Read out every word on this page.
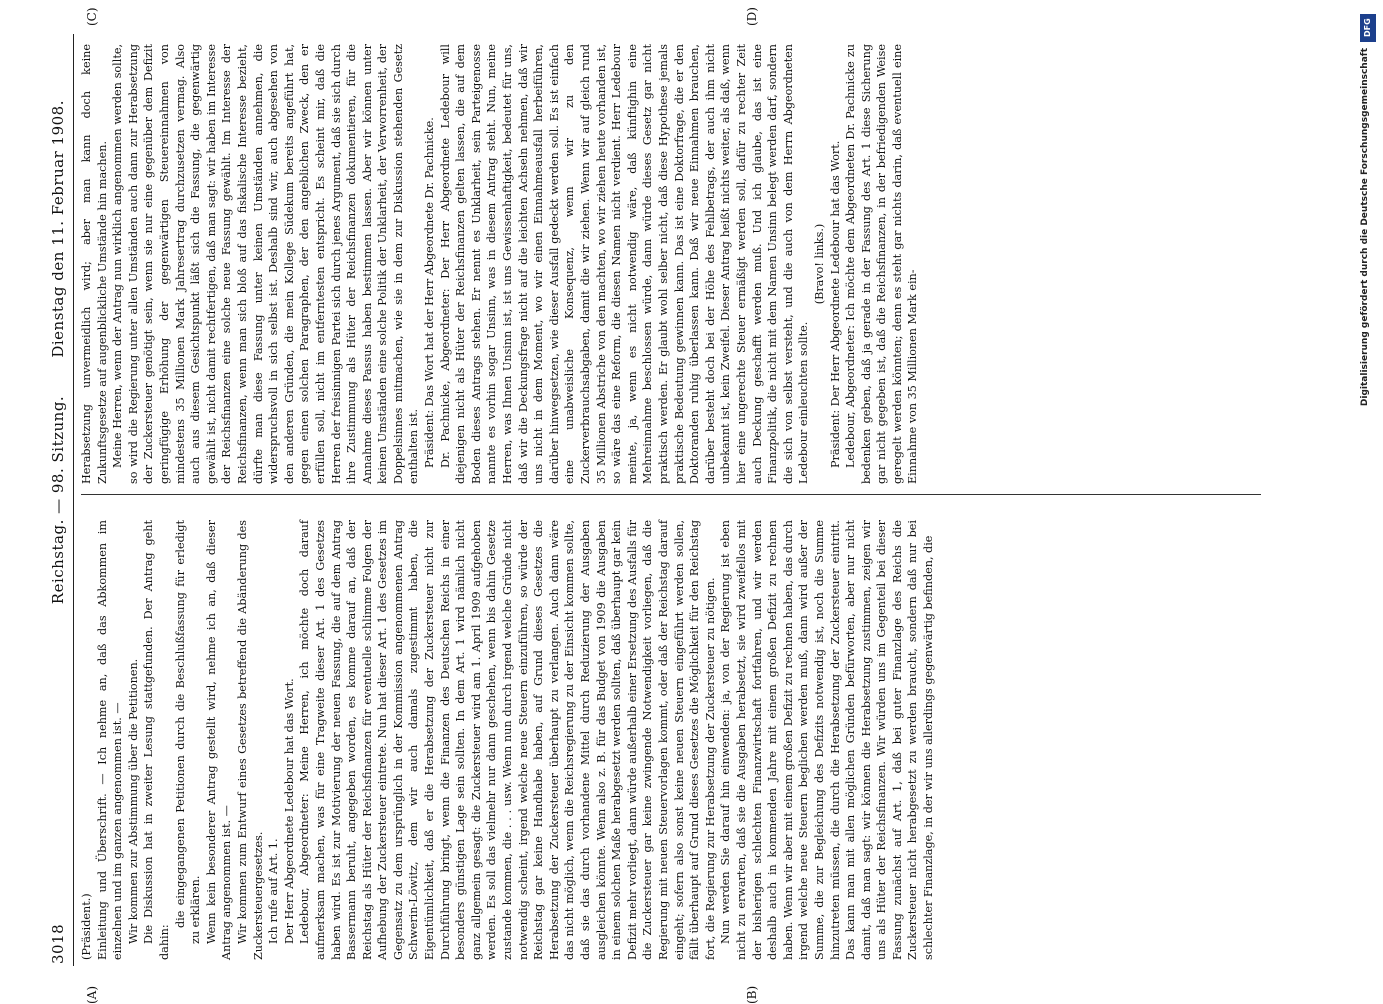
3018
Reichstag. — 98. Sitzung.
Dienstag den 11. Februar 1908.
(A)	(B)
(C)	(D)

(Präsident.) Einleitung und Überschrift. — Ich nehme an, daß das Abkommen im einzelnen und im ganzen angenommen ist. — Wir kommen zur Abstimmung über die Petitionen. Die Diskussion hat in zweiter Lesung stattgefunden. Der Antrag geht dahin:

die eingegangenen Petitionen durch die Beschlußfassung für erledigt zu erklären. Wenn kein besonderer Antrag gestellt wird, nehme ich an, daß dieser Antrag angenommen ist. — Wir kommen zum Entwurf eines Gesetzes betreffend die Abänderung des Zuckersteuergesetzes. Ich rufe auf Art. 1. Der Herr Abgeordnete Ledebour hat das Wort. Ledebour, Abgeordneter: Meine Herren, ich möchte doch darauf aufmerksam machen, was für eine Tragweite dieser Art. 1 des Gesetzes haben wird. Es ist zur Motivierung der neuen Fassung, die auf dem Antrag Bassermann beruht, angegeben worden, es komme darauf an, daß der Reichstag als Hüter der Reichsfinanzen für eventuelle schlimme Folgen der Aufhebung der Zuckersteuer eintrete. Nun hat dieser Art. 1 des Gesetzes im Gegensatz zu dem ursprünglich in der Kommission angenommenen Antrag Schwerin-Löwitz, dem wir auch damals zugestimmt haben, die Eigentümlichkeit, daß er die Herabsetzung der Zuckersteuer nicht zur Durchführung bringt, wenn die Finanzen des Deutschen Reichs in einer besonders günstigen Lage sein sollten. In dem Art. 1 wird nämlich nicht ganz allgemein gesagt: die Zuckersteuer wird am 1. April 1909 aufgehoben werden. Es soll das vielmehr nur dann geschehen, wenn bis dahin Gesetze zustande kommen, die . . . usw. Wenn nun durch irgend welche Gründe nicht notwendig scheint, irgend welche neue Steuern einzuführen, so würde der Reichstag gar keine Handhabe haben, auf Grund dieses Gesetzes die Herabsetzung der Zuckersteuer überhaupt zu verlangen. Auch dann wäre das nicht möglich, wenn die Reichsregierung zu der Einsicht kommen sollte, daß sie das durch vorhandene Mittel durch Reduzierung der Ausgaben ausgleichen könnte. Wenn also z. B. für das Budget von 1909 die Ausgaben in einem solchen Maße herabgesetzt werden sollten, daß überhaupt gar kein Defizit mehr vorliegt, dann würde außerhalb einer Ersetzung des Ausfalls für die Zuckersteuer gar keine zwingende Notwendigkeit vorliegen, daß die Regierung mit neuen Steuervorlagen kommt, oder daß der Reichstag darauf eingeht; sofern also sonst keine neuen Steuern eingeführt werden sollen, fällt überhaupt auf Grund dieses Gesetzes die Möglichkeit für den Reichstag fort, die Regierung zur Herabsetzung der Zuckersteuer zu nötigen. Nun werden Sie darauf hin einwenden: ja, von der Regierung ist eben nicht zu erwarten, daß sie die Ausgaben herabsetzt, sie wird zweifellos mit der bisherigen schlechten Finanzwirtschaft fortfahren, und wir werden deshalb auch in kommenden Jahre mit einem großen Defizit zu rechnen haben. Wenn wir aber mit einem großen Defizit zu rechnen haben, das durch irgend welche neue Steuern beglichen werden muß, dann wird außer der Summe, die zur Begleichung des Defizits notwendig ist, noch die Summe hinzutreten müssen, die durch die Herabsetzung der Zuckersteuer eintritt. Das kann man mit allen möglichen Gründen befürworten, aber nur nicht damit, daß man sagt: wir können die Herabsetzung zustimmen, zeigen wir uns als Hüter der Reichsfinanzen. Wir würden uns im Gegenteil bei dieser Fassung zunächst auf Art. 1, daß bei guter Finanzlage des Reichs die Zuckersteuer nicht herabgesetzt zu werden braucht, sondern daß nur bei schlechter Finanzlage, in der wir uns allerdings gegenwärtig befinden, die

Herabsetzung unvermeidlich wird; aber man kann doch keine Zukunftsgesetze auf augenblickliche Umstände hin machen. Meine Herren, wenn der Antrag nun wirklich angenommen werden sollte, so wird die Regierung unter allen Umständen auch dann zur Herabsetzung der Zuckersteuer genötigt sein, wenn sie nur eine gegenüber dem Defizit geringfügige Erhöhung der gegenwärtigen Steuereinnahmen von mindestens 35 Millionen Mark Jahresertrag durchzusetzen vermag. Also auch aus diesem Gesichtspunkt läßt sich die Fassung, die gegenwärtig gewählt ist, nicht damit rechtfertigen, daß man sagt: wir haben im Interesse der Reichsfinanzen eine solche neue Fassung gewählt. Im Interesse der Reichsfinanzen, wenn man sich bloß auf das fiskalische Interesse bezieht, dürfte man diese Fassung unter keinen Umständen annehmen, die widerspruchsvoll in sich selbst ist. Deshalb sind wir, auch abgesehen von den anderen Gründen, die mein Kollege Südekum bereits angeführt hat, gegen einen solchen Paragraphen, der den angeblichen Zweck, den er erfüllen soll, nicht im entferntesten entspricht. Es scheint mir, daß die Herren der freisinnigen Partei sich durch jenes Argument, daß sie sich durch ihre Zustimmung als Hüter der Reichsfinanzen dokumentieren, für die Annahme dieses Passus haben bestimmen lassen. Aber wir können unter keinen Umständen eine solche Politik der Unklarheit, der Verworrenheit, der Doppelsinnes mitmachen, wie sie in dem zur Diskussion stehenden Gesetz enthalten ist. Präsident: Das Wort hat der Herr Abgeordnete Dr. Pachnicke. Dr. Pachnicke, Abgeordneter: Der Herr Abgeordnete Ledebour will diejenigen nicht als Hüter der Reichsfinanzen gelten lassen, die auf dem Boden dieses Antrags stehen. Er nennt es Unklarheit, sein Parteigenosse nannte es vorhin sogar Unsinn, was in diesem Antrag steht. Nun, meine Herren, was Ihnen Unsinn ist, ist uns Gewissenhaftigkeit, bedeutet für uns, daß wir die Deckungsfrage nicht auf die leichten Achseln nehmen, daß wir uns nicht in dem Moment, wo wir einen Einnahmeausfall herbeiführen, darüber hinwegsetzen, wie dieser Ausfall gedeckt werden soll. Es ist einfach eine unabweisliche Konsequenz, wenn wir zu den Zuckerverbrauchsabgaben, damit die wir ziehen. Wenn wir auf gleich rund 35 Millionen Abstriche von den machten, wo wir ziehen heute vorhanden ist, so wäre das eine Reform, die diesen Namen nicht verdient. Herr Ledebour meinte, ja, wenn es nicht notwendig wäre, daß künftighin eine Mehreinnahme beschlossen würde, dann würde dieses Gesetz gar nicht praktisch werden. Er glaubt wohl selber nicht, daß diese Hypothese jemals praktische Bedeutung gewinnen kann. Das ist eine Doktorfrage, die er den Doktoranden ruhig überlassen kann. Daß wir neue Einnahmen brauchen, darüber besteht doch bei der Höhe des Fehlbetrags, der auch ihm nicht unbekannt ist, kein Zweifel. Dieser Antrag heißt nichts weiter, als daß, wenn hier eine ungerechte Steuer ermäßigt werden soll, dafür zu rechter Zeit auch Deckung geschafft werden muß. Und ich glaube, das ist eine Finanzpolitik, die nicht mit dem Namen Unsinn belegt werden darf, sondern die sich von selbst versteht, und die auch von dem Herrn Abgeordneten Ledebour einleuchten sollte.

(Bravo! links.) Präsident: Der Herr Abgeordnete Ledebour hat das Wort. Ledebour, Abgeordneter: Ich möchte dem Abgeordneten Dr. Pachnicke zu bedenken geben, daß ja gerade in der Fassung des Art. 1 diese Sicherung gar nicht gegeben ist, daß die Reichsfinanzen, in der befriedigenden Weise geregelt werden könnten; denn es steht gar nichts darin, daß eventuell eine Einnahme von 35 Millionen Mark ein-

DFG
Digitalisierung gefördert durch die Deutsche Forschungsgemeinschaft
